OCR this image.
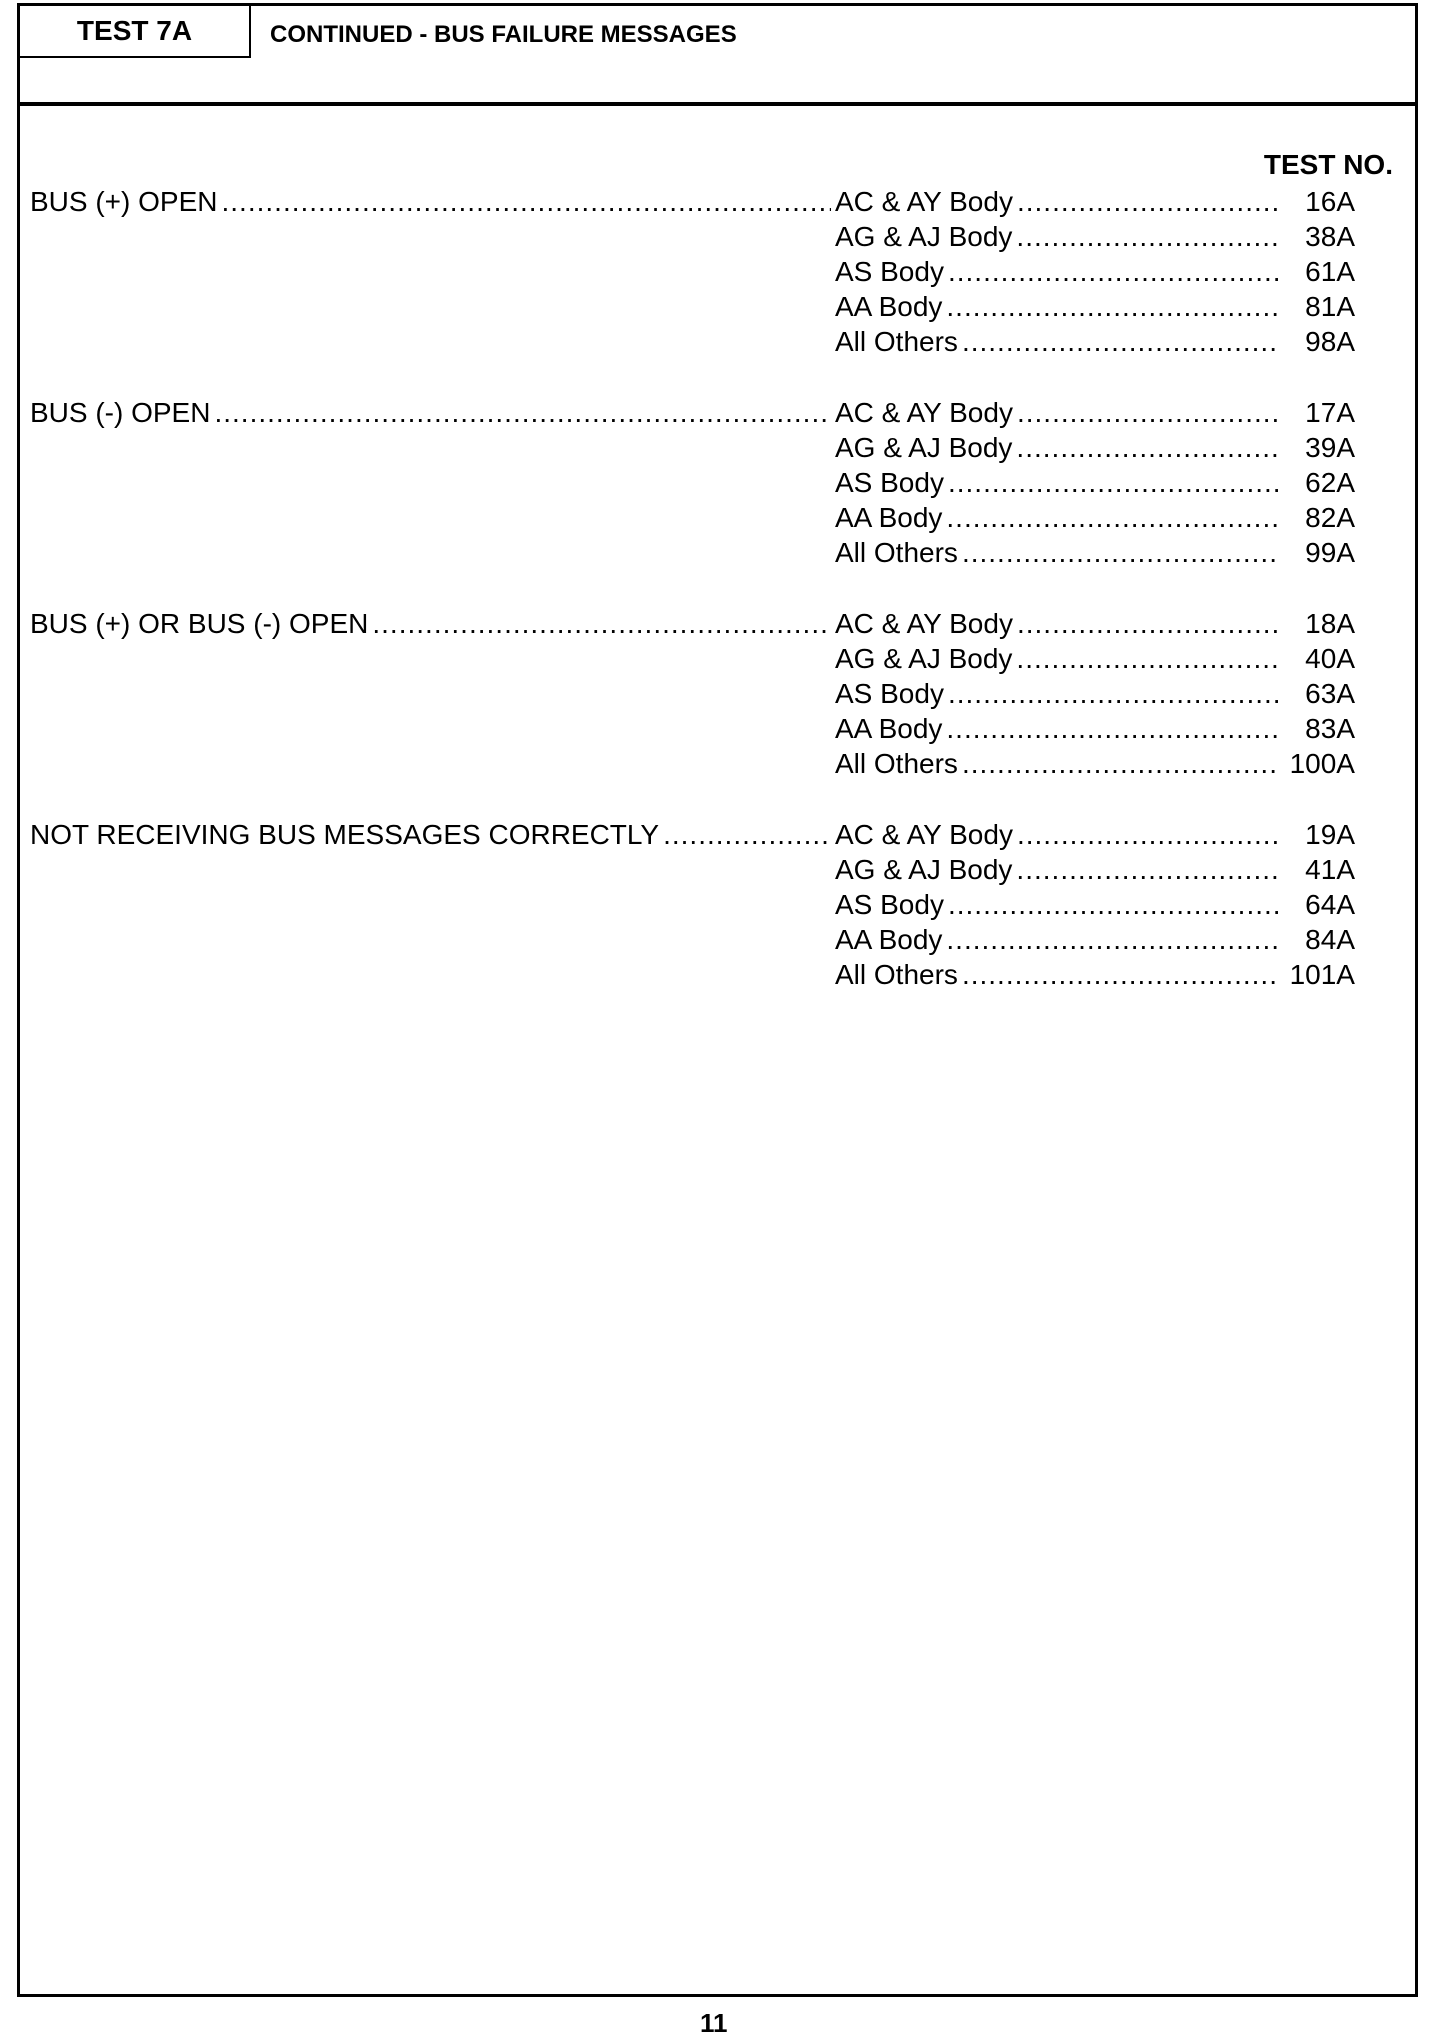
TEST 7A	CONTINUED - BUS FAILURE MESSAGES
TEST NO.
BUS (+) OPEN .....	AC & AY Body .....	16A
AG & AJ Body .....	38A
AS Body .....	61A
AA Body .....	81A
All Others .....	98A
BUS (-) OPEN .....	AC & AY Body .....	17A
AG & AJ Body .....	39A
AS Body .....	62A
AA Body .....	82A
All Others .....	99A
BUS (+) OR BUS (-) OPEN .....	AC & AY Body .....	18A
AG & AJ Body .....	40A
AS Body .....	63A
AA Body .....	83A
All Others .....	100A
NOT RECEIVING BUS MESSAGES CORRECTLY .....	AC & AY Body .....	19A
AG & AJ Body .....	41A
AS Body .....	64A
AA Body .....	84A
All Others .....	101A
11
